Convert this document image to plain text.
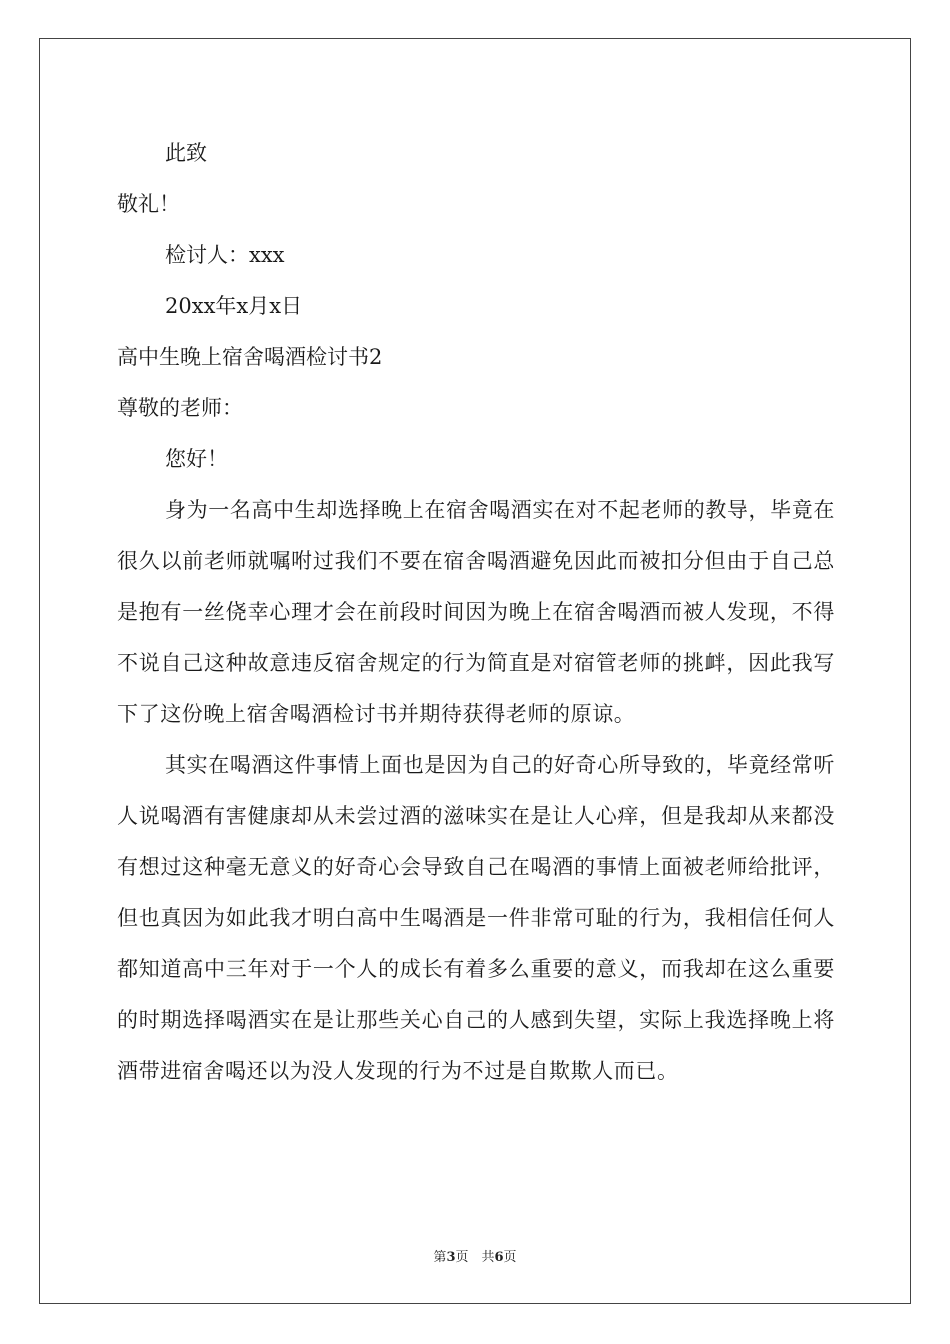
此致
敬礼！
检讨人：xxx
20xx年x月x日
高中生晚上宿舍喝酒检讨书2
尊敬的老师：
您好！

身为一名高中生却选择晚上在宿舍喝酒实在对不起老师的教导，毕竟在很久以前老师就嘱咐过我们不要在宿舍喝酒避免因此而被扣分但由于自己总是抱有一丝侥幸心理才会在前段时间因为晚上在宿舍喝酒而被人发现，不得不说自己这种故意违反宿舍规定的行为简直是对宿管老师的挑衅，因此我写下了这份晚上宿舍喝酒检讨书并期待获得老师的原谅。

其实在喝酒这件事情上面也是因为自己的好奇心所导致的，毕竟经常听人说喝酒有害健康却从未尝过酒的滋味实在是让人心痒，但是我却从来都没有想过这种毫无意义的好奇心会导致自己在喝酒的事情上面被老师给批评，但也真因为如此我才明白高中生喝酒是一件非常可耻的行为，我相信任何人都知道高中三年对于一个人的成长有着多么重要的意义，而我却在这么重要的时期选择喝酒实在是让那些关心自己的人感到失望，实际上我选择晚上将酒带进宿舍喝还以为没人发现的行为不过是自欺欺人而已。

第3页　共6页
